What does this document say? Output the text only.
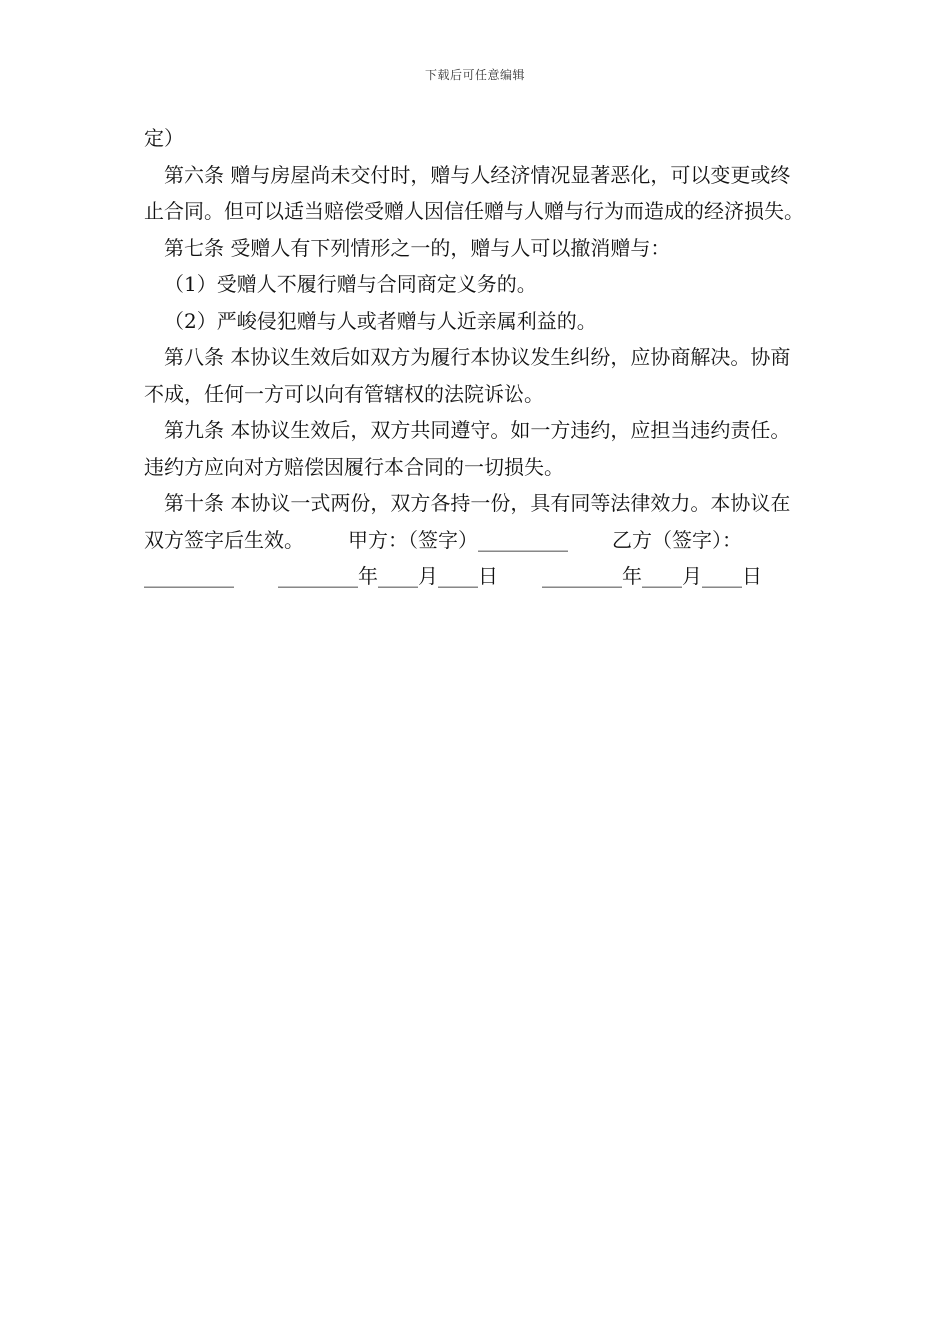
下载后可任意编辑

定）

第六条 赠与房屋尚未交付时，赠与人经济情况显著恶化，可以变更或终止合同。但可以适当赔偿受赠人因信任赠与人赠与行为而造成的经济损失。

第七条 受赠人有下列情形之一的，赠与人可以撤消赠与：

（1）受赠人不履行赠与合同商定义务的。

（2）严峻侵犯赠与人或者赠与人近亲属利益的。

第八条 本协议生效后如双方为履行本协议发生纠纷，应协商解决。协商不成，任何一方可以向有管辖权的法院诉讼。

第九条 本协议生效后，双方共同遵守。如一方违约，应担当违约责任。违约方应向对方赔偿因履行本合同的一切损失。

第十条 本协议一式两份，双方各持一份，具有同等法律效力。本协议在双方签字后生效。 甲方：（签字）_________ 乙方（签字）：_________ ________年____月____日 ________年____月____日
